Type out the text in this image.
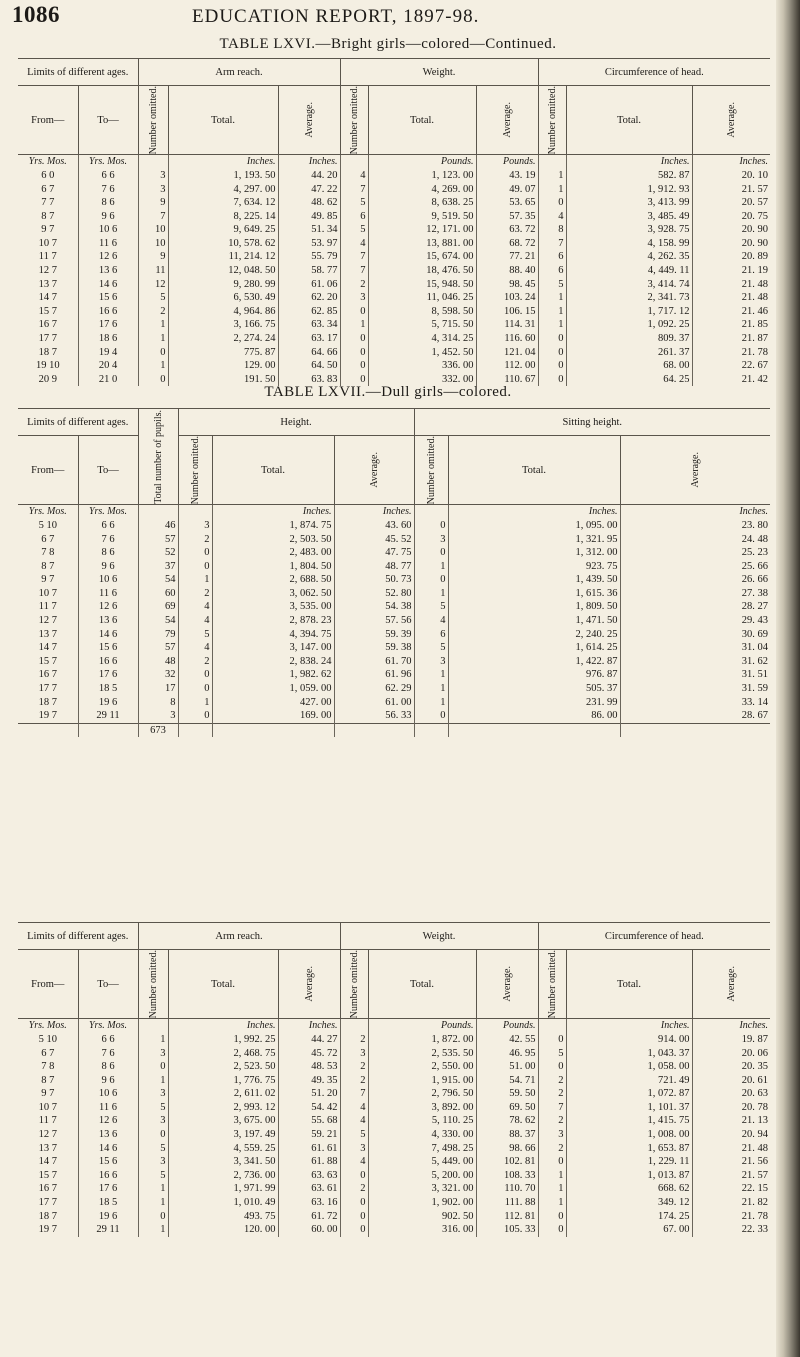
1086	EDUCATION REPORT, 1897-98.
TABLE LXVI.—Bright girls—colored—Continued.
Limits of different ages.		Arm reach.			Weight.			Circumference of head.		
From—	To—	Number omitted.	Total.	Average.	Number omitted.	Total.	Average.	Number omitted.	Total.	Average.

Yrs. Mos.	Yrs. Mos.		Inches.	Inches.		Pounds.	Pounds.		Inches.	Inches.
6 0	6 6	3	1, 193. 50	44. 20	4	1, 123. 00	43. 19	1	582. 87	20. 10
6 7	7 6	3	4, 297. 00	47. 22	7	4, 269. 00	49. 07	1	1, 912. 93	21. 57
7 7	8 6	9	7, 634. 12	48. 62	5	8, 638. 25	53. 65	0	3, 413. 99	20. 57
8 7	9 6	7	8, 225. 14	49. 85	6	9, 519. 50	57. 35	4	3, 485. 49	20. 75
9 7	10 6	10	9, 649. 25	51. 34	5	12, 171. 00	63. 72	8	3, 928. 75	20. 90
10 7	11 6	10	10, 578. 62	53. 97	4	13, 881. 00	68. 72	7	4, 158. 99	20. 90
11 7	12 6	9	11, 214. 12	55. 79	7	15, 674. 00	77. 21	6	4, 262. 35	20. 89
12 7	13 6	11	12, 048. 50	58. 77	7	18, 476. 50	88. 40	6	4, 449. 11	21. 19
13 7	14 6	12	9, 280. 99	61. 06	2	15, 948. 50	98. 45	5	3, 414. 74	21. 48
14 7	15 6	5	6, 530. 49	62. 20	3	11, 046. 25	103. 24	1	2, 341. 73	21. 48
15 7	16 6	2	4, 964. 86	62. 85	0	8, 598. 50	106. 15	1	1, 717. 12	21. 46
16 7	17 6	1	3, 166. 75	63. 34	1	5, 715. 50	114. 31	1	1, 092. 25	21. 85
17 7	18 6	1	2, 274. 24	63. 17	0	4, 314. 25	116. 60	0	809. 37	21. 87
18 7	19 4	0	775. 87	64. 66	0	1, 452. 50	121. 04	0	261. 37	21. 78
19 10	20 4	1	129. 00	64. 50	0	336. 00	112. 00	0	68. 00	22. 67
20 9	21 0	0	191. 50	63. 83	0	332. 00	110. 67	0	64. 25	21. 42
TABLE LXVII.—Dull girls—colored.
Limits of different ages.		Total number of pupils.	Height.			Sitting height.		
From—	To—		Number omitted.	Total.	Average.	Number omitted.	Total.	Average.

Yrs. Mos.	Yrs. Mos.			Inches.	Inches.		Inches.	Inches.
5 10	6 6	46	3	1, 874. 75	43. 60	0	1, 095. 00	23. 80
6 7	7 6	57	2	2, 503. 50	45. 52	3	1, 321. 95	24. 48
7 8	8 6	52	0	2, 483. 00	47. 75	0	1, 312. 00	25. 23
8 7	9 6	37	0	1, 804. 50	48. 77	1	923. 75	25. 66
9 7	10 6	54	1	2, 688. 50	50. 73	0	1, 439. 50	26. 66
10 7	11 6	60	2	3, 062. 50	52. 80	1	1, 615. 36	27. 38
11 7	12 6	69	4	3, 535. 00	54. 38	5	1, 809. 50	28. 27
12 7	13 6	54	4	2, 878. 23	57. 56	4	1, 471. 50	29. 43
13 7	14 6	79	5	4, 394. 75	59. 39	6	2, 240. 25	30. 69
14 7	15 6	57	4	3, 147. 00	59. 38	5	1, 614. 25	31. 04
15 7	16 6	48	2	2, 838. 24	61. 70	3	1, 422. 87	31. 62
16 7	17 6	32	0	1, 982. 62	61. 96	1	976. 87	31. 51
17 7	18 5	17	0	1, 059. 00	62. 29	1	505. 37	31. 59
18 7	19 6	8	1	427. 00	61. 00	1	231. 99	33. 14
19 7	29 11	3	0	169. 00	56. 33	0	86. 00	28. 67
		673						
Limits of different ages.		Arm reach.			Weight.			Circumference of head.		
From—	To—	Number omitted.	Total.	Average.	Number omitted.	Total.	Average.	Number omitted.	Total.	Average.

Yrs. Mos.	Yrs. Mos.		Inches.	Inches.		Pounds.	Pounds.		Inches.	Inches.
5 10	6 6	1	1, 992. 25	44. 27	2	1, 872. 00	42. 55	0	914. 00	19. 87
6 7	7 6	3	2, 468. 75	45. 72	3	2, 535. 50	46. 95	5	1, 043. 37	20. 06
7 8	8 6	0	2, 523. 50	48. 53	2	2, 550. 00	51. 00	0	1, 058. 00	20. 35
8 7	9 6	1	1, 776. 75	49. 35	2	1, 915. 00	54. 71	2	721. 49	20. 61
9 7	10 6	3	2, 611. 02	51. 20	7	2, 796. 50	59. 50	2	1, 072. 87	20. 63
10 7	11 6	5	2, 993. 12	54. 42	4	3, 892. 00	69. 50	7	1, 101. 37	20. 78
11 7	12 6	3	3, 675. 00	55. 68	4	5, 110. 25	78. 62	2	1, 415. 75	21. 13
12 7	13 6	0	3, 197. 49	59. 21	5	4, 330. 00	88. 37	3	1, 008. 00	20. 94
13 7	14 6	5	4, 559. 25	61. 61	3	7, 498. 25	98. 66	2	1, 653. 87	21. 48
14 7	15 6	3	3, 341. 50	61. 88	4	5, 449. 00	102. 81	0	1, 229. 11	21. 56
15 7	16 6	5	2, 736. 00	63. 63	0	5, 200. 00	108. 33	1	1, 013. 87	21. 57
16 7	17 6	1	1, 971. 99	63. 61	2	3, 321. 00	110. 70	1	668. 62	22. 15
17 7	18 5	1	1, 010. 49	63. 16	0	1, 902. 00	111. 88	1	349. 12	21. 82
18 7	19 6	0	493. 75	61. 72	0	902. 50	112. 81	0	174. 25	21. 78
19 7	29 11	1	120. 00	60. 00	0	316. 00	105. 33	0	67. 00	22. 33
